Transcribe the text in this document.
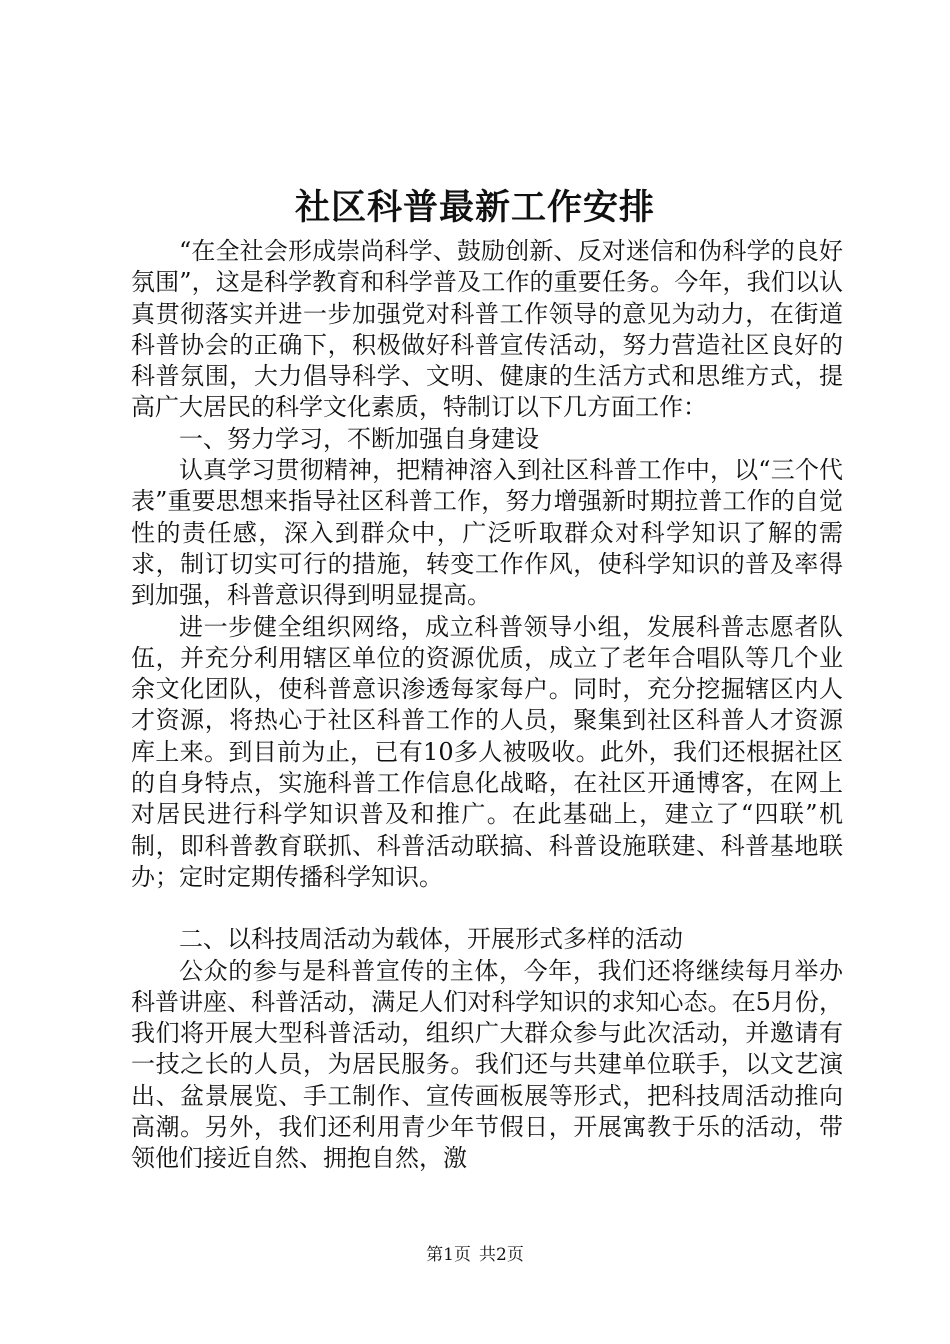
社区科普最新工作安排

“在全社会形成崇尚科学、鼓励创新、反对迷信和伪科学的良好氛围”，这是科学教育和科学普及工作的重要任务。今年，我们以认真贯彻落实并进一步加强党对科普工作领导的意见为动力，在街道科普协会的正确下，积极做好科普宣传活动，努力营造社区良好的科普氛围，大力倡导科学、文明、健康的生活方式和思维方式，提高广大居民的科学文化素质，特制订以下几方面工作：

一、努力学习，不断加强自身建设

认真学习贯彻精神，把精神溶入到社区科普工作中，以“三个代表”重要思想来指导社区科普工作，努力增强新时期拉普工作的自觉性的责任感，深入到群众中，广泛听取群众对科学知识了解的需求，制订切实可行的措施，转变工作作风，使科学知识的普及率得到加强，科普意识得到明显提高。

进一步健全组织网络，成立科普领导小组，发展科普志愿者队伍，并充分利用辖区单位的资源优质，成立了老年合唱队等几个业余文化团队，使科普意识渗透每家每户。同时，充分挖掘辖区内人才资源，将热心于社区科普工作的人员，聚集到社区科普人才资源库上来。到目前为止，已有10多人被吸收。此外，我们还根据社区的自身特点，实施科普工作信息化战略，在社区开通博客，在网上对居民进行科学知识普及和推广。在此基础上，建立了“四联”机制，即科普教育联抓、科普活动联搞、科普设施联建、科普基地联办；定时定期传播科学知识。

二、以科技周活动为载体，开展形式多样的活动

公众的参与是科普宣传的主体，今年，我们还将继续每月举办科普讲座、科普活动，满足人们对科学知识的求知心态。在5月份，我们将开展大型科普活动，组织广大群众参与此次活动，并邀请有一技之长的人员，为居民服务。我们还与共建单位联手，以文艺演出、盆景展览、手工制作、宣传画板展等形式，把科技周活动推向高潮。另外，我们还利用青少年节假日，开展寓教于乐的活动，带领他们接近自然、拥抱自然，激

第1页 共2页
